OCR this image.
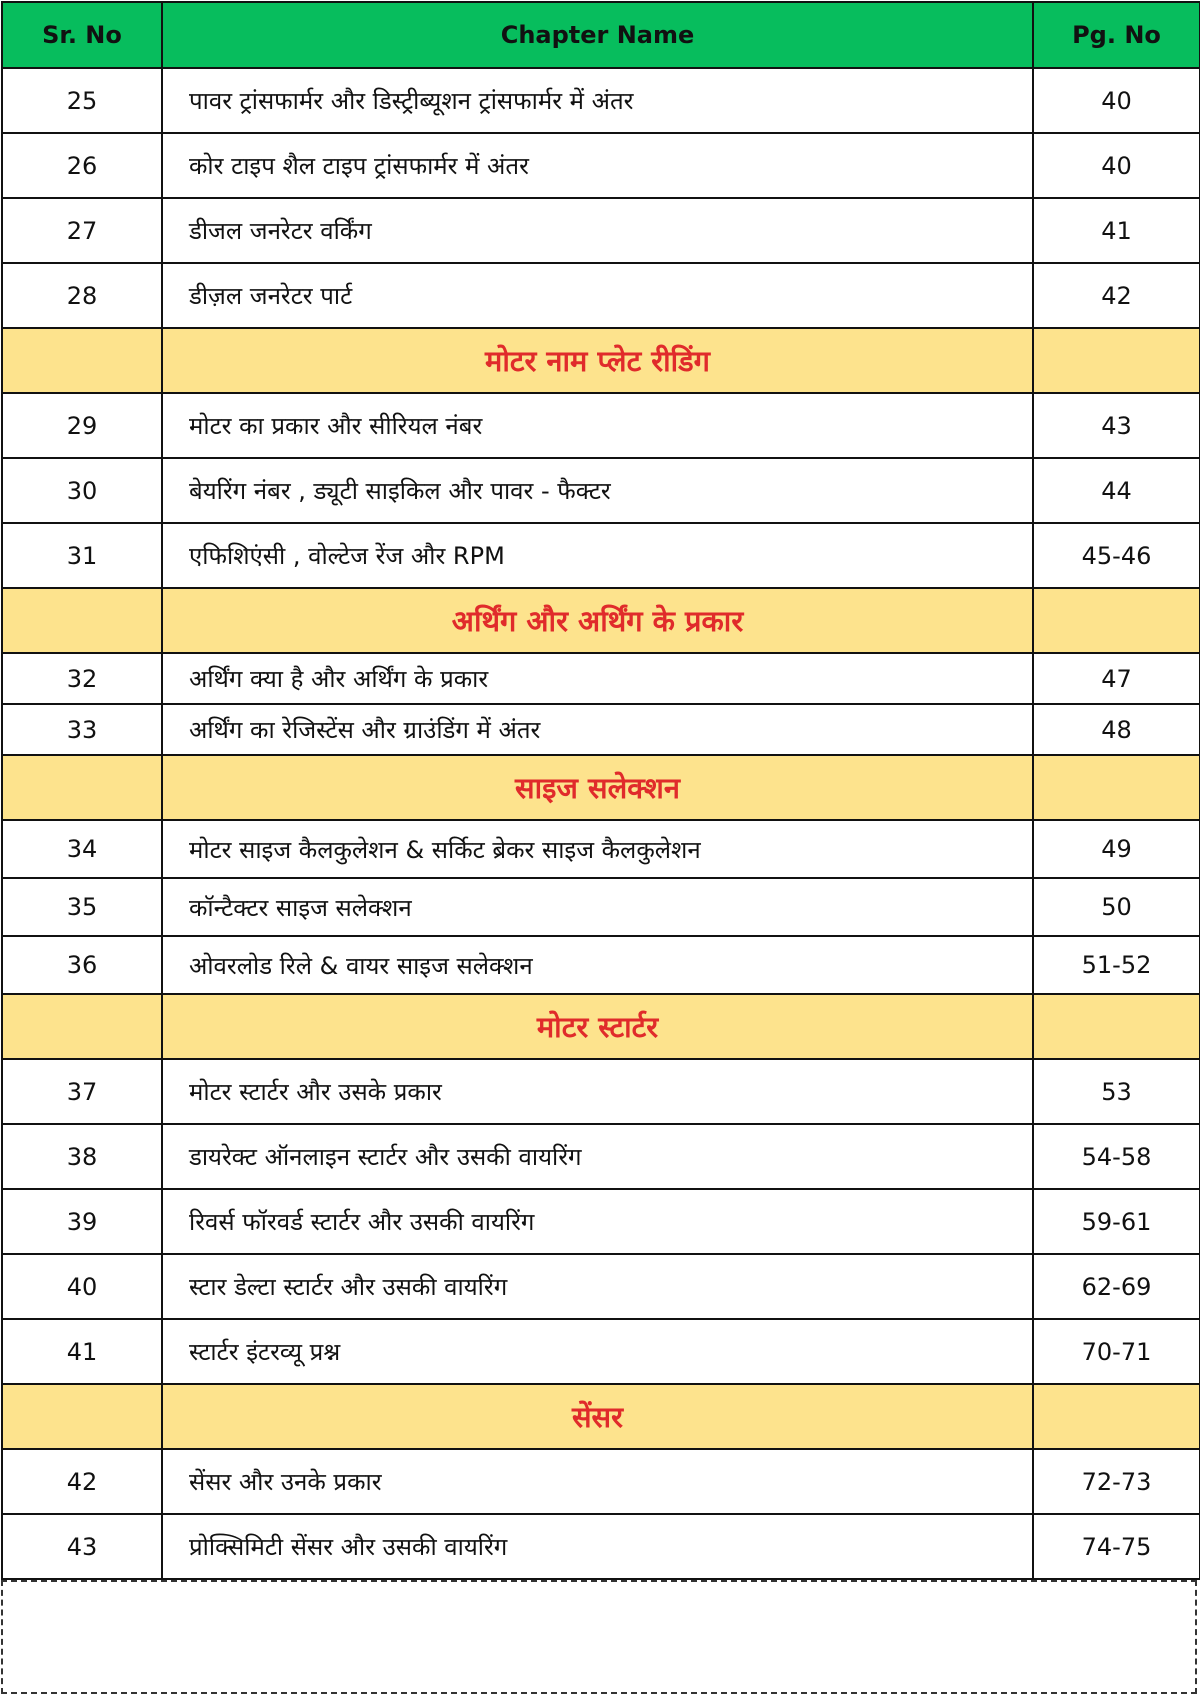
Sr. No	Chapter Name	Pg. No
25	पावर ट्रांसफार्मर और डिस्ट्रीब्यूशन ट्रांसफार्मर में अंतर	40
26	कोर टाइप शैल टाइप ट्रांसफार्मर में अंतर	40
27	डीजल जनरेटर वर्किंग	41
28	डीज़ल जनरेटर पार्ट	42
	मोटर नाम प्लेट रीडिंग	
29	मोटर का प्रकार और सीरियल नंबर	43
30	बेयरिंग नंबर , ड्यूटी साइकिल और पावर - फैक्टर	44
31	एफिशिएंसी , वोल्टेज रेंज और RPM	45-46
	अर्थिंग और अर्थिंग के प्रकार	
32	अर्थिंग क्या है और अर्थिंग के प्रकार	47
33	अर्थिंग का रेजिस्टेंस और ग्राउंडिंग में अंतर	48
	साइज सलेक्शन	
34	मोटर साइज कैलकुलेशन & सर्किट ब्रेकर साइज कैलकुलेशन	49
35	कॉन्टैक्टर साइज सलेक्शन	50
36	ओवरलोड रिले & वायर साइज सलेक्शन	51-52
	मोटर स्टार्टर	
37	मोटर स्टार्टर और उसके प्रकार	53
38	डायरेक्ट ऑनलाइन स्टार्टर और उसकी वायरिंग	54-58
39	रिवर्स फॉरवर्ड स्टार्टर और उसकी वायरिंग	59-61
40	स्टार डेल्टा स्टार्टर और उसकी वायरिंग	62-69
41	स्टार्टर इंटरव्यू प्रश्न	70-71
	सेंसर	
42	सेंसर और उनके प्रकार	72-73
43	प्रोक्सिमिटी सेंसर और उसकी वायरिंग	74-75
